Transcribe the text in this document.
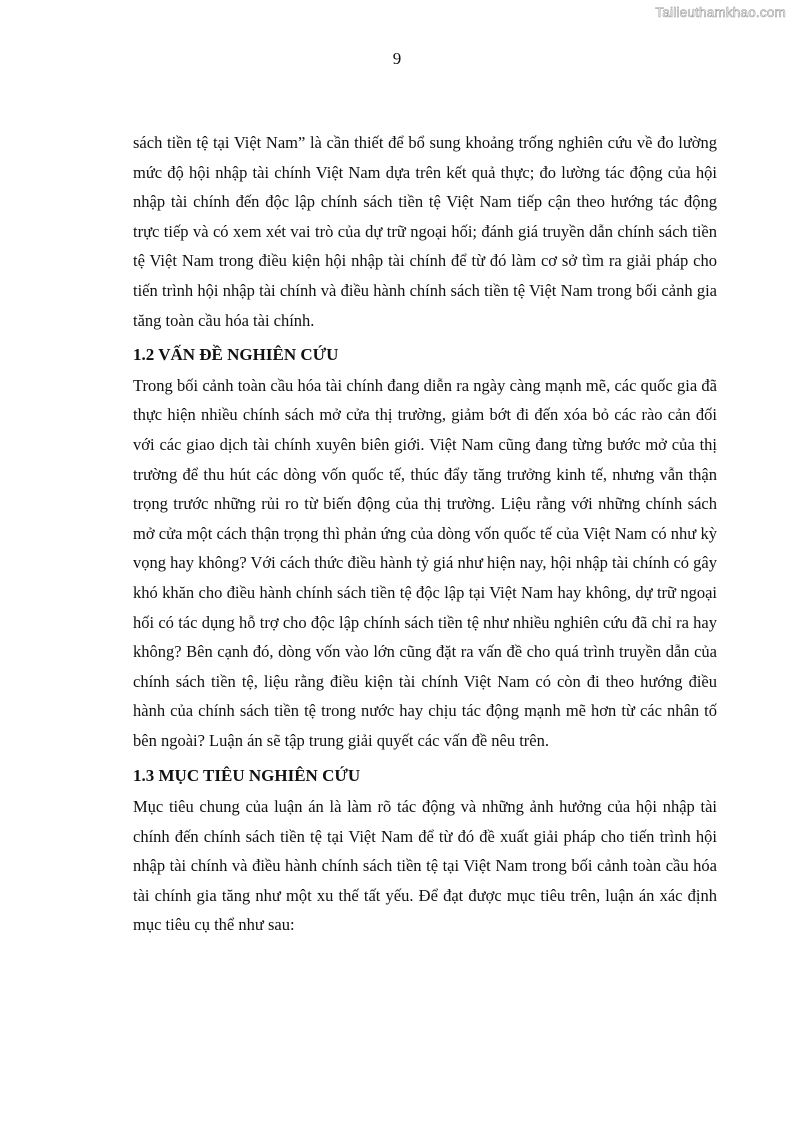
Tailieuthamkhao.com
9

sách tiền tệ tại Việt Nam” là cần thiết để bổ sung khoảng trống nghiên cứu về đo lường mức độ hội nhập tài chính Việt Nam dựa trên kết quả thực; đo lường tác động của hội nhập tài chính đến độc lập chính sách tiền tệ Việt Nam tiếp cận theo hướng tác động trực tiếp và có xem xét vai trò của dự trữ ngoại hối; đánh giá truyền dẫn chính sách tiền tệ Việt Nam trong điều kiện hội nhập tài chính để từ đó làm cơ sở tìm ra giải pháp cho tiến trình hội nhập tài chính và điều hành chính sách tiền tệ Việt Nam trong bối cảnh gia tăng toàn cầu hóa tài chính.

1.2 VẤN ĐỀ NGHIÊN CỨU

Trong bối cảnh toàn cầu hóa tài chính đang diễn ra ngày càng mạnh mẽ, các quốc gia đã thực hiện nhiều chính sách mở cửa thị trường, giảm bớt đi đến xóa bỏ các rào cản đối với các giao dịch tài chính xuyên biên giới. Việt Nam cũng đang từng bước mở của thị trường để thu hút các dòng vốn quốc tế, thúc đẩy tăng trưởng kinh tế, nhưng vẫn thận trọng trước những rủi ro từ biến động của thị trường. Liệu rằng với những chính sách mở cửa một cách thận trọng thì phản ứng của dòng vốn quốc tế của Việt Nam có như kỳ vọng hay không? Với cách thức điều hành tỷ giá như hiện nay, hội nhập tài chính có gây khó khăn cho điều hành chính sách tiền tệ độc lập tại Việt Nam hay không, dự trữ ngoại hối có tác dụng hỗ trợ cho độc lập chính sách tiền tệ như nhiều nghiên cứu đã chỉ ra hay không? Bên cạnh đó, dòng vốn vào lớn cũng đặt ra vấn đề cho quá trình truyền dẫn của chính sách tiền tệ, liệu rằng điều kiện tài chính Việt Nam có còn đi theo hướng điều hành của chính sách tiền tệ trong nước hay chịu tác động mạnh mẽ hơn từ các nhân tố bên ngoài? Luận án sẽ tập trung giải quyết các vấn đề nêu trên.

1.3 MỤC TIÊU NGHIÊN CỨU

Mục tiêu chung của luận án là làm rõ tác động và những ảnh hưởng của hội nhập tài chính đến chính sách tiền tệ tại Việt Nam để từ đó đề xuất giải pháp cho tiến trình hội nhập tài chính và điều hành chính sách tiền tệ tại Việt Nam trong bối cảnh toàn cầu hóa tài chính gia tăng như một xu thế tất yếu. Để đạt được mục tiêu trên, luận án xác định mục tiêu cụ thể như sau:
